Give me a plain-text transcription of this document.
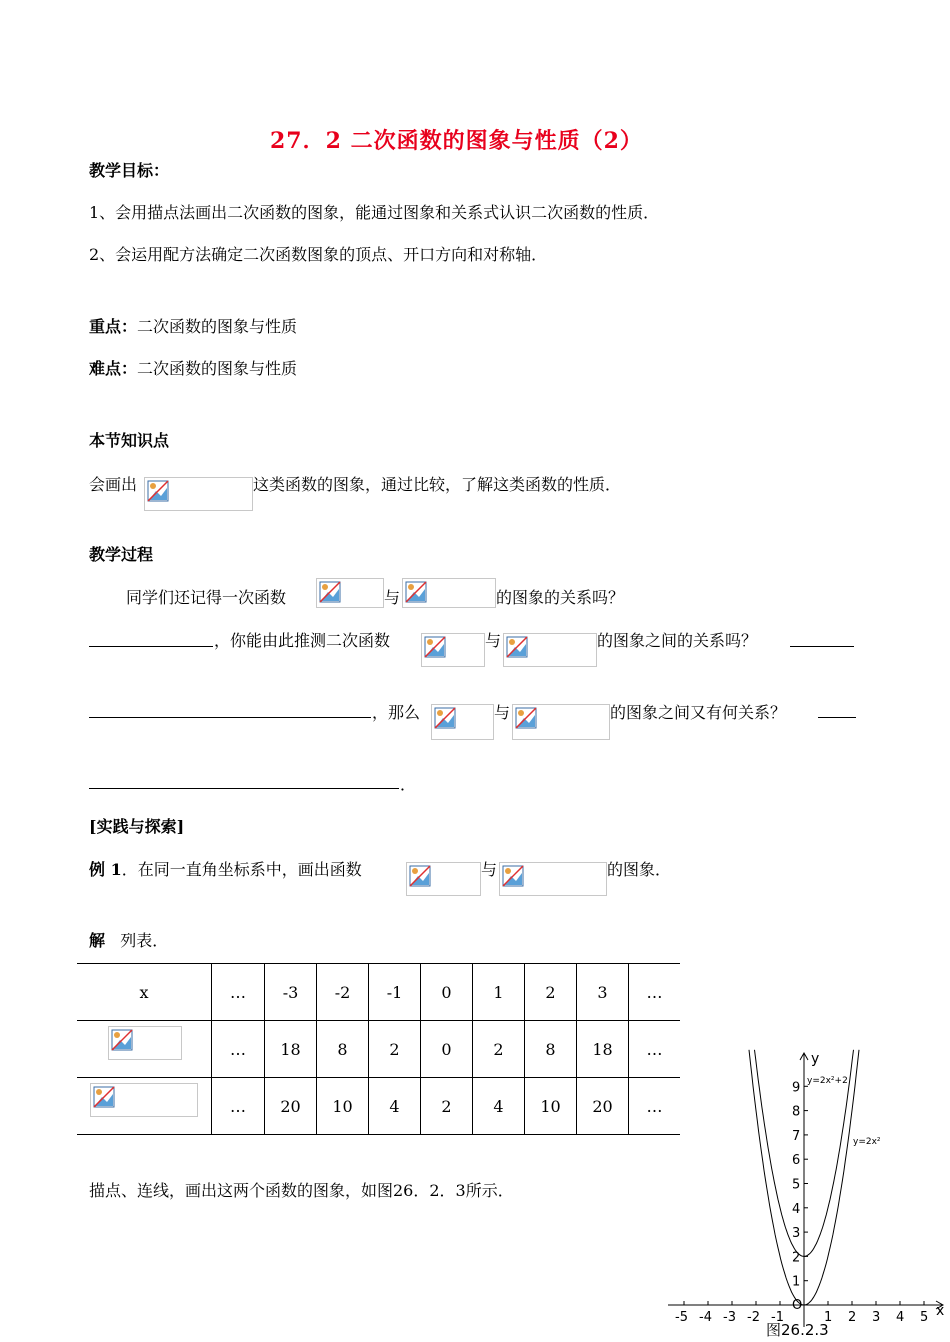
27．2 二次函数的图象与性质（2）
教学目标：
1、会用描点法画出二次函数的图象，能通过图象和关系式认识二次函数的性质．
2、会运用配方法确定二次函数图象的顶点、开口方向和对称轴．
重点：二次函数的图象与性质
难点：二次函数的图象与性质
本节知识点
会画出	这类函数的图象，通过比较，了解这类函数的性质．
教学过程
同学们还记得一次函数	与	的图象的关系吗？
，你能由此推测二次函数	与	的图象之间的关系吗？
，那么	与	的图象之间又有何关系？
．
[实践与探索]
例 1．在同一直角坐标系中，画出函数	与	的图象．
解 列表．
x	…	-3	-2	-1	0	1	2	3	…

	…	18	8	2	0	2	8	18	…

	…	20	10	4	2	4	10	20	…
描点、连线，画出这两个函数的图象，如图26．2．3所示．
x
y
O
-5 -4 -3 -2 -1	1 2 3 4 5
1
2
3
4
5
6
7
8
9 y=2x²+2
y=2x²
图26.2.3
